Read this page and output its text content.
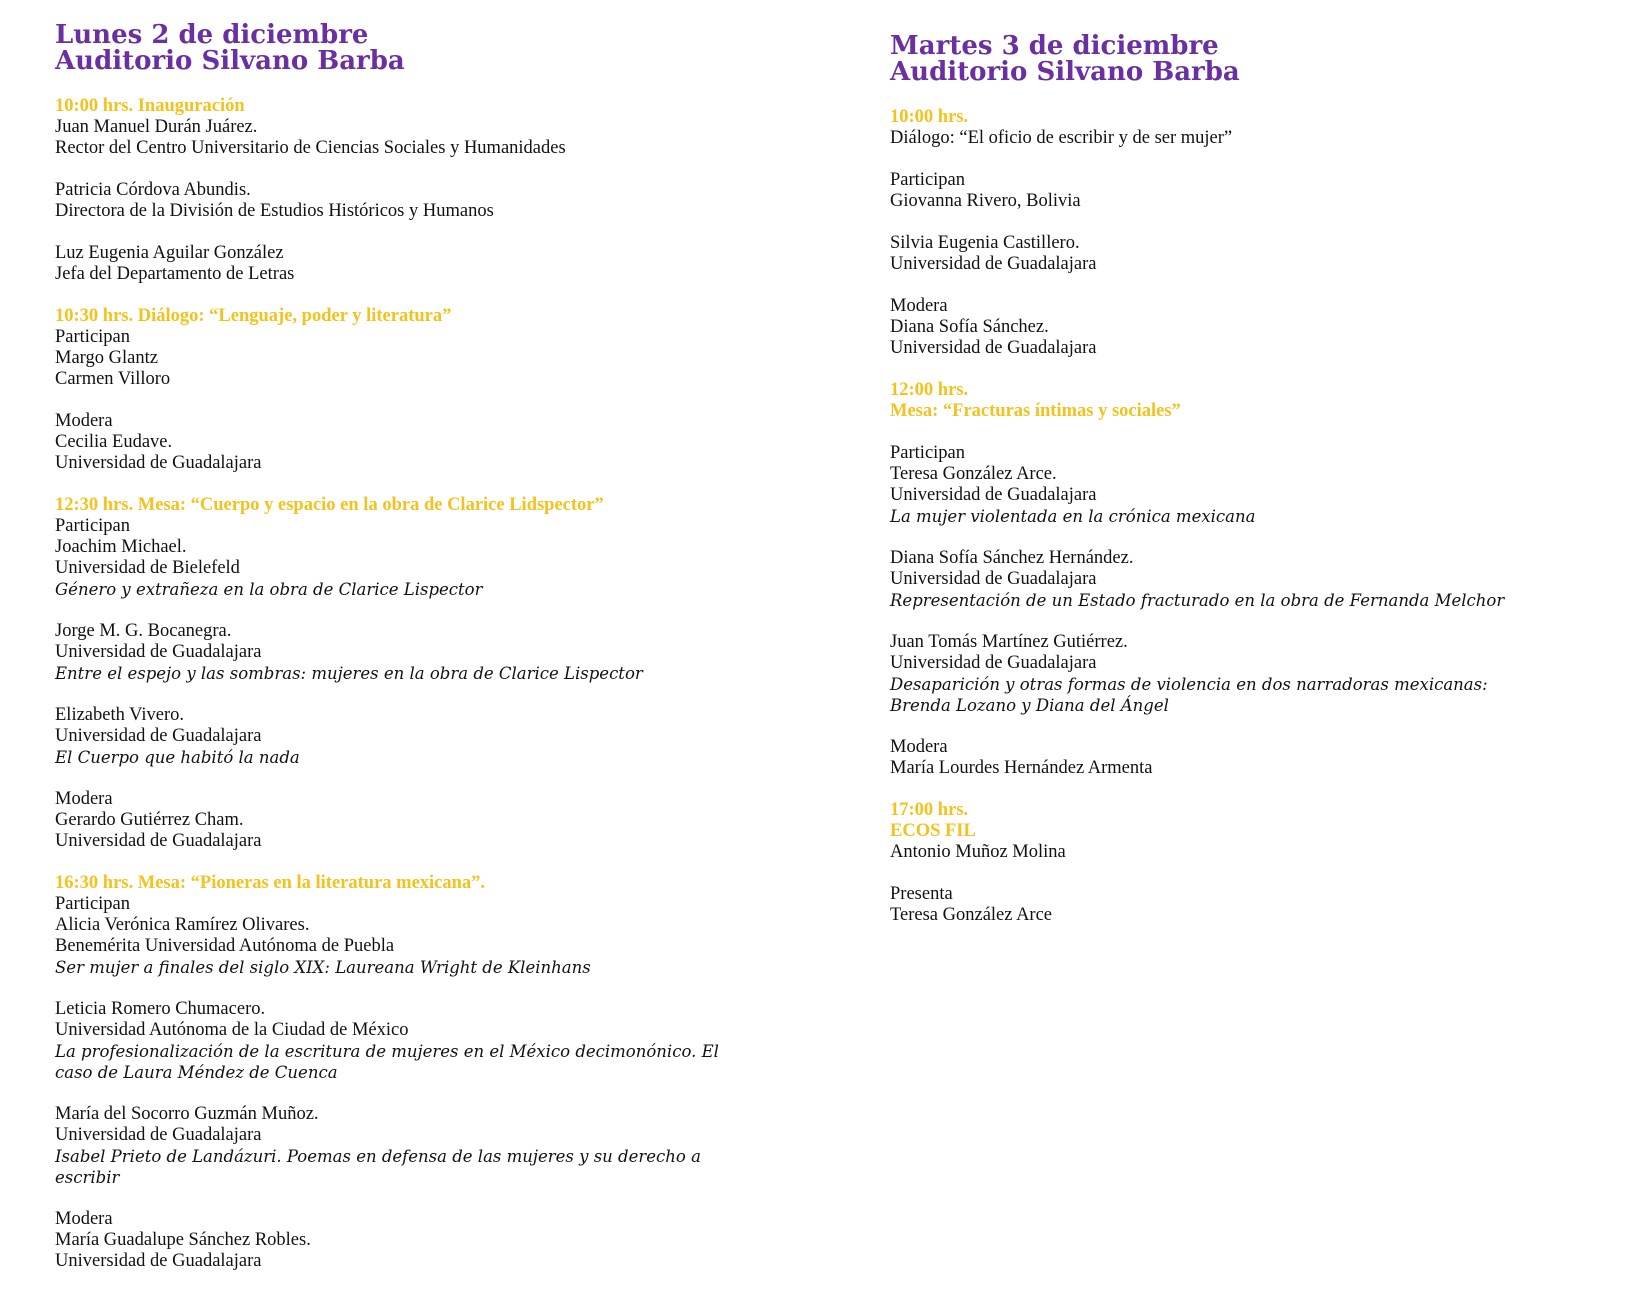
Lunes 2 de diciembre
Auditorio Silvano Barba
10:00 hrs. Inauguración
Juan Manuel Durán Juárez.
Rector del Centro Universitario de Ciencias Sociales y Humanidades
Patricia Córdova Abundis.
Directora de la División de Estudios Históricos y Humanos
Luz Eugenia Aguilar González
Jefa del Departamento de Letras
10:30 hrs. Diálogo: “Lenguaje, poder y literatura”
Participan
Margo Glantz
Carmen Villoro
Modera
Cecilia Eudave.
Universidad de Guadalajara
12:30 hrs. Mesa: “Cuerpo y espacio en la obra de Clarice Lidspector”
Participan
Joachim Michael.
Universidad de Bielefeld
Género y extrañeza en la obra de Clarice Lispector
Jorge M. G. Bocanegra.
Universidad de Guadalajara
Entre el espejo y las sombras: mujeres en la obra de Clarice Lispector
Elizabeth Vivero.
Universidad de Guadalajara
El Cuerpo que habitó la nada
Modera
Gerardo Gutiérrez Cham.
Universidad de Guadalajara
16:30 hrs. Mesa: “Pioneras en la literatura mexicana”.
Participan
Alicia Verónica Ramírez Olivares.
Benemérita Universidad Autónoma de Puebla
Ser mujer a finales del siglo XIX: Laureana Wright de Kleinhans
Leticia Romero Chumacero.
Universidad Autónoma de la Ciudad de México
La profesionalización de la escritura de mujeres en el México decimonónico. El
caso de Laura Méndez de Cuenca
María del Socorro Guzmán Muñoz.
Universidad de Guadalajara
Isabel Prieto de Landázuri. Poemas en defensa de las mujeres y su derecho a
escribir
Modera
María Guadalupe Sánchez Robles.
Universidad de Guadalajara
Martes 3 de diciembre
Auditorio Silvano Barba
10:00 hrs.
Diálogo: “El oficio de escribir y de ser mujer”
Participan
Giovanna Rivero, Bolivia
Silvia Eugenia Castillero.
Universidad de Guadalajara
Modera
Diana Sofía Sánchez.
Universidad de Guadalajara
12:00 hrs.
Mesa: “Fracturas íntimas y sociales”
Participan
Teresa González Arce.
Universidad de Guadalajara
La mujer violentada en la crónica mexicana
Diana Sofía Sánchez Hernández.
Universidad de Guadalajara
Representación de un Estado fracturado en la obra de Fernanda Melchor
Juan Tomás Martínez Gutiérrez.
Universidad de Guadalajara
Desaparición y otras formas de violencia en dos narradoras mexicanas:
Brenda Lozano y Diana del Ángel
Modera
María Lourdes Hernández Armenta
17:00 hrs.
ECOS FIL
Antonio Muñoz Molina
Presenta
Teresa González Arce
